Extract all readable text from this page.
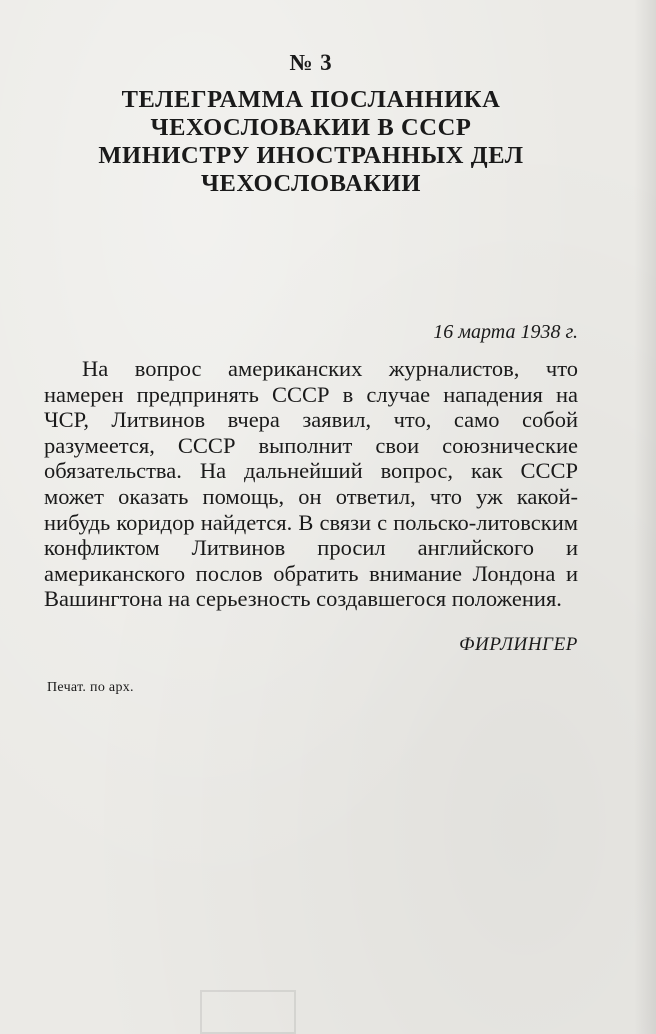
№ 3
ТЕЛЕГРАММА ПОСЛАННИКА
ЧЕХОСЛОВАКИИ В СССР
МИНИСТРУ ИНОСТРАННЫХ ДЕЛ
ЧЕХОСЛОВАКИИ
16 марта 1938 г.

На вопрос американских журналистов, что намерен предпринять СССР в случае нападения на ЧСР, Литвинов вчера заявил, что, само собой разумеется, СССР выполнит свои союзнические обязательства. На дальнейший вопрос, как СССР может оказать помощь, он ответил, что уж какой-нибудь коридор найдется. В связи с польско-литовским конфликтом Литвинов просил английского и американского послов обратить внимание Лондона и Вашингтона на серьезность создавшегося положения.

ФИРЛИНГЕР
Печат. по арх.
